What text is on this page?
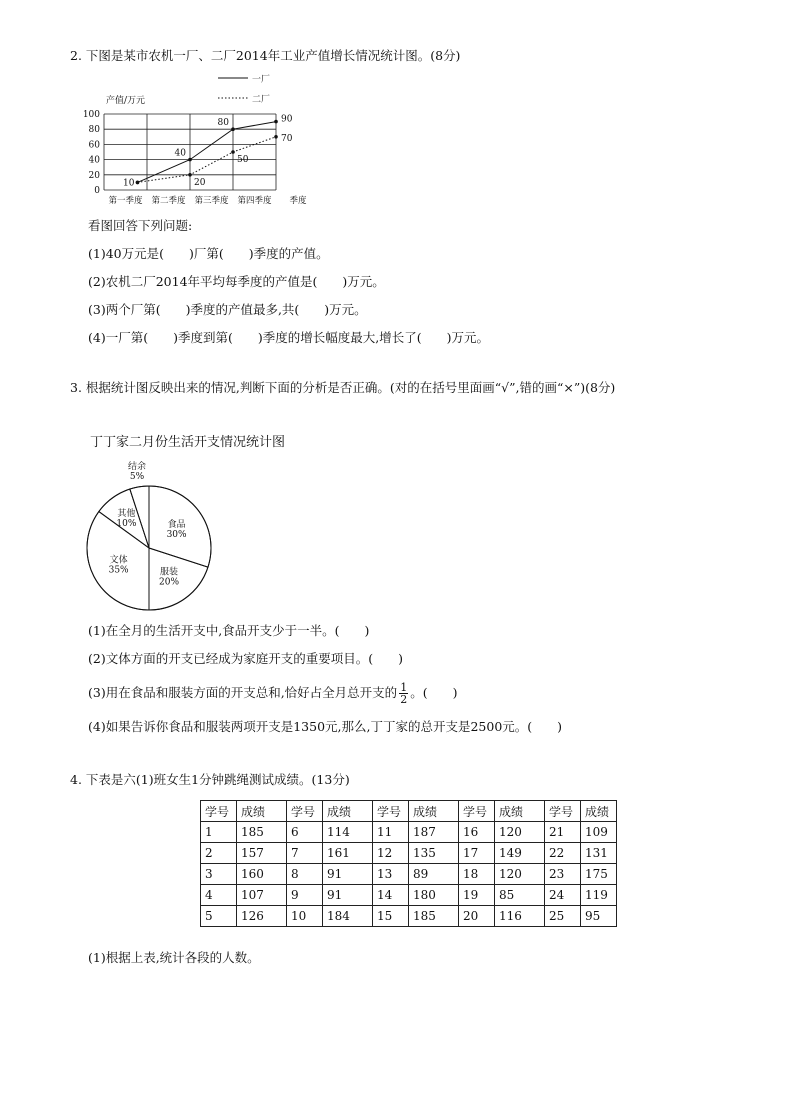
2. 下图是某市农机一厂、二厂2014年工业产值增长情况统计图。(8分)
一厂
二厂
产值/万元
0
20
40
60
80
100
第一季度 第二季度 第三季度 第四季度 季度
10
40
80	90
20
50
70
看图回答下列问题:
(1)40万元是(　　)厂第(　　)季度的产值。
(2)农机二厂2014年平均每季度的产值是(　　)万元。
(3)两个厂第(　　)季度的产值最多,共(　　)万元。
(4)一厂第(　　)季度到第(　　)季度的增长幅度最大,增长了(　　)万元。
3. 根据统计图反映出来的情况,判断下面的分析是否正确。(对的在括号里面画“√”,错的画“×”)(8分)
丁丁家二月份生活开支情况统计图
食品
30%
服装
20%
文体
35%
其他
10%
结余
5%
(1)在全月的生活开支中,食品开支少于一半。(　　)
(2)文体方面的开支已经成为家庭开支的重要项目。(　　)
(3)用在食品和服装方面的开支总和,恰好占全月总开支的 $\frac{1}{2}$ 。(　　)
(4)如果告诉你食品和服装两项开支是1350元,那么,丁丁家的总开支是2500元。(　　)
4. 下表是六(1)班女生1分钟跳绳测试成绩。(13分)
学号	成绩	学号	成绩	学号	成绩	学号	成绩	学号	成绩
1	185	6	114	11	187	16	120	21	109
2	157	7	161	12	135	17	149	22	131
3	160	8	91	13	89	18	120	23	175
4	107	9	91	14	180	19	85	24	119
5	126	10	184	15	185	20	116	25	95
(1)根据上表,统计各段的人数。
